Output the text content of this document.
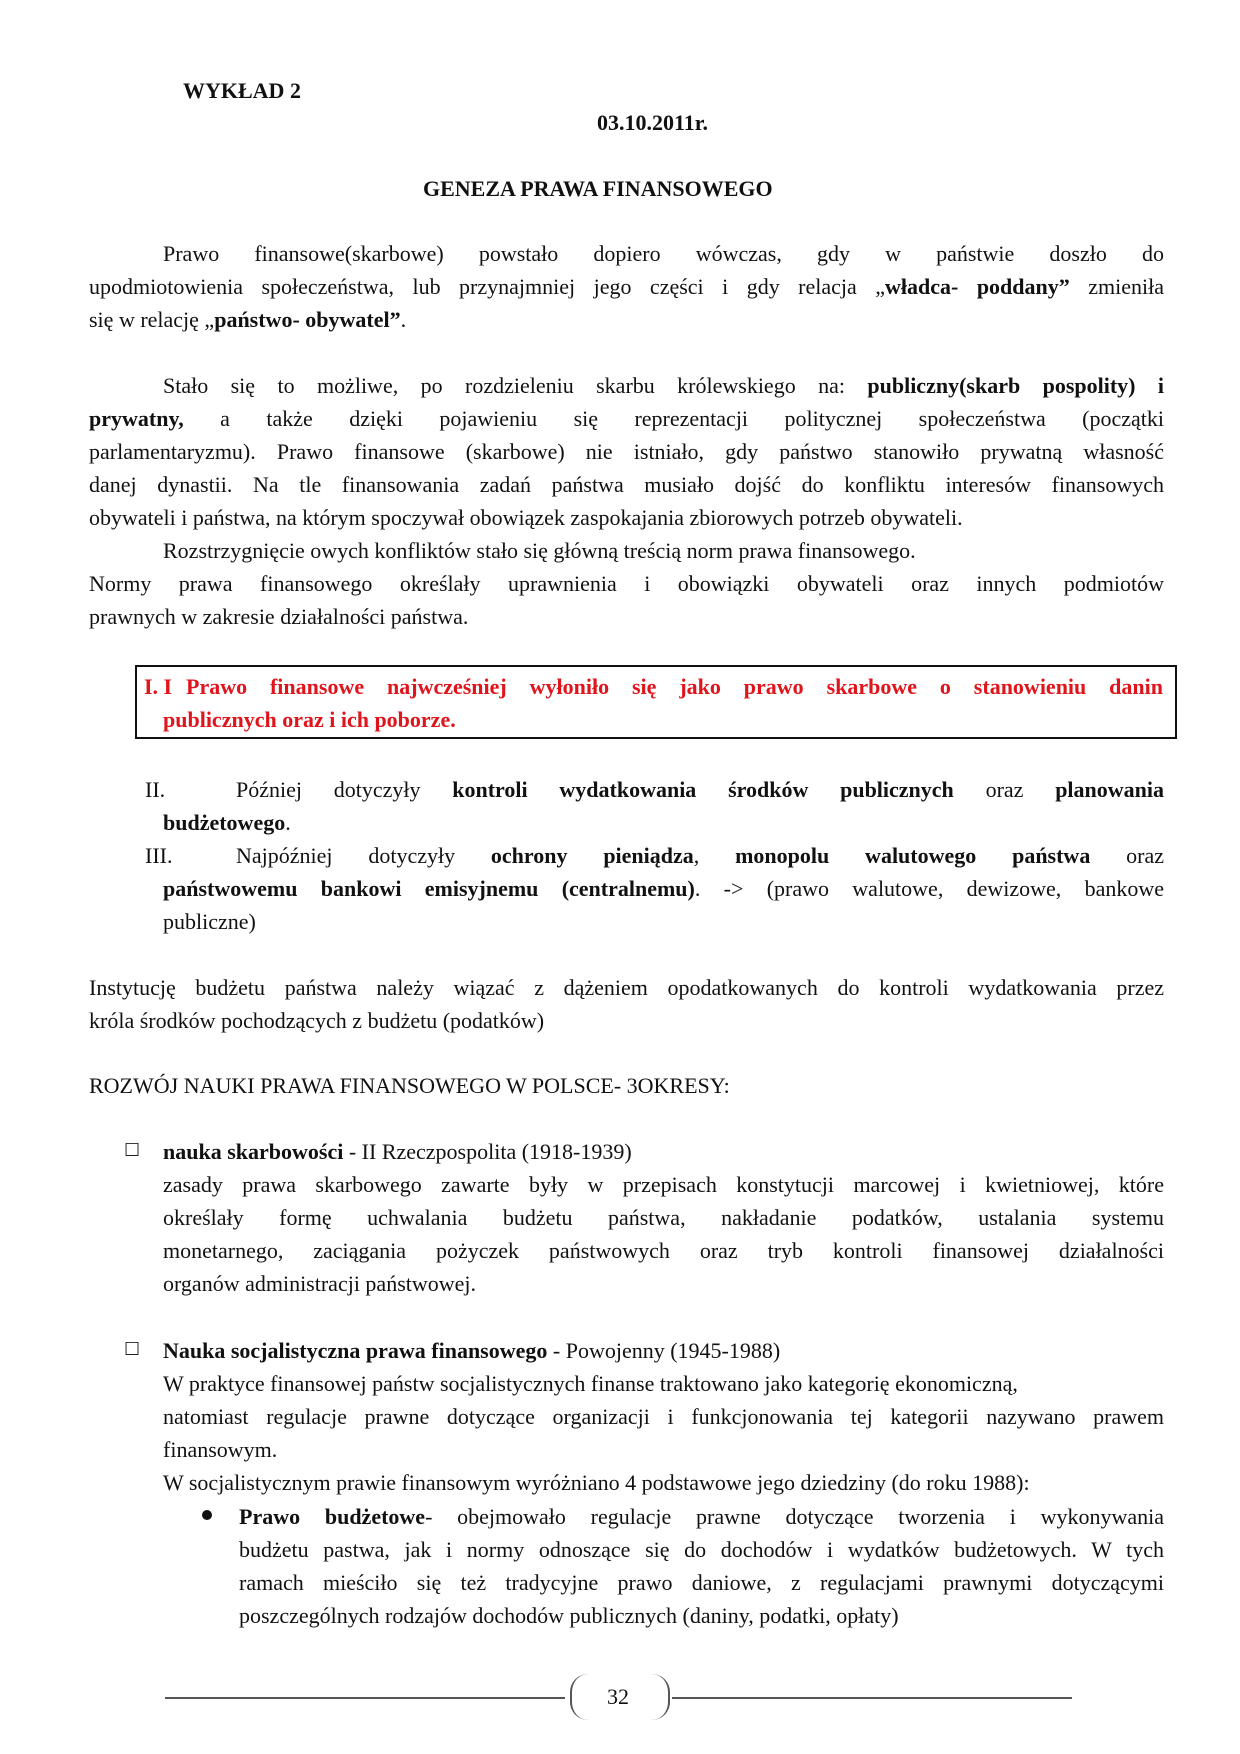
WYKŁAD 2
03.10.2011r.
GENEZA PRAWA FINANSOWEGO
Prawo finansowe(skarbowe) powstało dopiero wówczas, gdy w państwie doszło do
upodmiotowienia społeczeństwa, lub przynajmniej jego części i gdy relacja „władca- poddany” zmieniła
się w relację „państwo- obywatel”.
Stało się to możliwe, po rozdzieleniu skarbu królewskiego na: publiczny(skarb pospolity) i
prywatny, a także dzięki pojawieniu się reprezentacji politycznej społeczeństwa (początki
parlamentaryzmu). Prawo finansowe (skarbowe) nie istniało, gdy państwo stanowiło prywatną własność
danej dynastii. Na tle finansowania zadań państwa musiało dojść do konfliktu interesów finansowych
obywateli i państwa, na którym spoczywał obowiązek zaspokajania zbiorowych potrzeb obywateli.
Rozstrzygnięcie owych konfliktów stało się główną treścią norm prawa finansowego.
Normy prawa finansowego określały uprawnienia i obowiązki obywateli oraz innych podmiotów
prawnych w zakresie działalności państwa.
I. I Prawo finansowe najwcześniej wyłoniło się jako prawo skarbowe o stanowieniu danin
publicznych oraz i ich poborze.
II.	Później dotyczyły kontroli wydatkowania środków publicznych oraz planowania
budżetowego.
III.	Najpóźniej dotyczyły ochrony pieniądza, monopolu walutowego państwa oraz
państwowemu bankowi emisyjnemu (centralnemu). -> (prawo walutowe, dewizowe, bankowe
publiczne)
Instytucję budżetu państwa należy wiązać z dążeniem opodatkowanych do kontroli wydatkowania przez
króla środków pochodzących z budżetu (podatków)
ROZWÓJ NAUKI PRAWA FINANSOWEGO W POLSCE- 3OKRESY:
☐︎ nauka skarbowości - II Rzeczpospolita (1918-1939)
zasady prawa skarbowego zawarte były w przepisach konstytucji marcowej i kwietniowej, które
określały formę uchwalania budżetu państwa, nakładanie podatków, ustalania systemu
monetarnego, zaciągania pożyczek państwowych oraz tryb kontroli finansowej działalności
organów administracji państwowej.
☐︎ Nauka socjalistyczna prawa finansowego - Powojenny (1945-1988)
W praktyce finansowej państw socjalistycznych finanse traktowano jako kategorię ekonomiczną,
natomiast regulacje prawne dotyczące organizacji i funkcjonowania tej kategorii nazywano prawem
finansowym.
W socjalistycznym prawie finansowym wyróżniano 4 podstawowe jego dziedziny (do roku 1988):
Prawo budżetowe- obejmowało regulacje prawne dotyczące tworzenia i wykonywania
budżetu pastwa, jak i normy odnoszące się do dochodów i wydatków budżetowych. W tych
ramach mieściło się też tradycyjne prawo daniowe, z regulacjami prawnymi dotyczącymi
poszczególnych rodzajów dochodów publicznych (daniny, podatki, opłaty)
32
